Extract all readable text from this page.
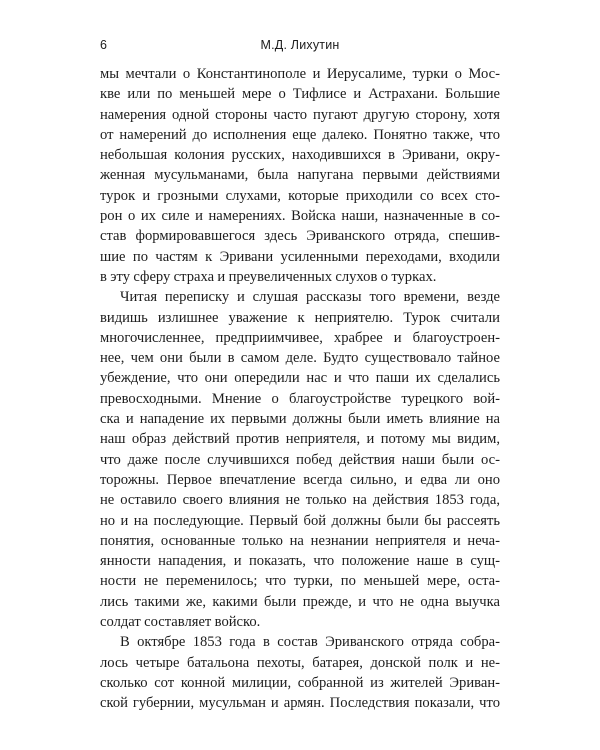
6	М.Д. Лихутин
мы мечтали о Константинополе и Иерусалиме, турки о Мос-
кве или по меньшей мере о Тифлисе и Астрахани. Большие
намерения одной стороны часто пугают другую сторону, хотя
от намерений до исполнения еще далеко. Понятно также, что
небольшая колония русских, находившихся в Эривани, окру-
женная мусульманами, была напугана первыми действиями
турок и грозными слухами, которые приходили со всех сто-
рон о их силе и намерениях. Войска наши, назначенные в со-
став формировавшегося здесь Эриванского отряда, спешив-
шие по частям к Эривани усиленными переходами, входили
в эту сферу страха и преувеличенных слухов о турках.
Читая переписку и слушая рассказы того времени, везде
видишь излишнее уважение к неприятелю. Турок считали
многочисленнее, предприимчивее, храбрее и благоустроен-
нее, чем они были в самом деле. Будто существовало тайное
убеждение, что они опередили нас и что паши их сделались
превосходными. Мнение о благоустройстве турецкого вой-
ска и нападение их первыми должны были иметь влияние на
наш образ действий против неприятеля, и потому мы видим,
что даже после случившихся побед действия наши были ос-
торожны. Первое впечатление всегда сильно, и едва ли оно
не оставило своего влияния не только на действия 1853 года,
но и на последующие. Первый бой должны были бы рассеять
понятия, основанные только на незнании неприятеля и неча-
янности нападения, и показать, что положение наше в сущ-
ности не переменилось; что турки, по меньшей мере, оста-
лись такими же, какими были прежде, и что не одна выучка
солдат составляет войско.
В октябре 1853 года в состав Эриванского отряда собра-
лось четыре батальона пехоты, батарея, донской полк и не-
сколько сот конной милиции, собранной из жителей Эриван-
ской губернии, мусульман и армян. Последствия показали, что
